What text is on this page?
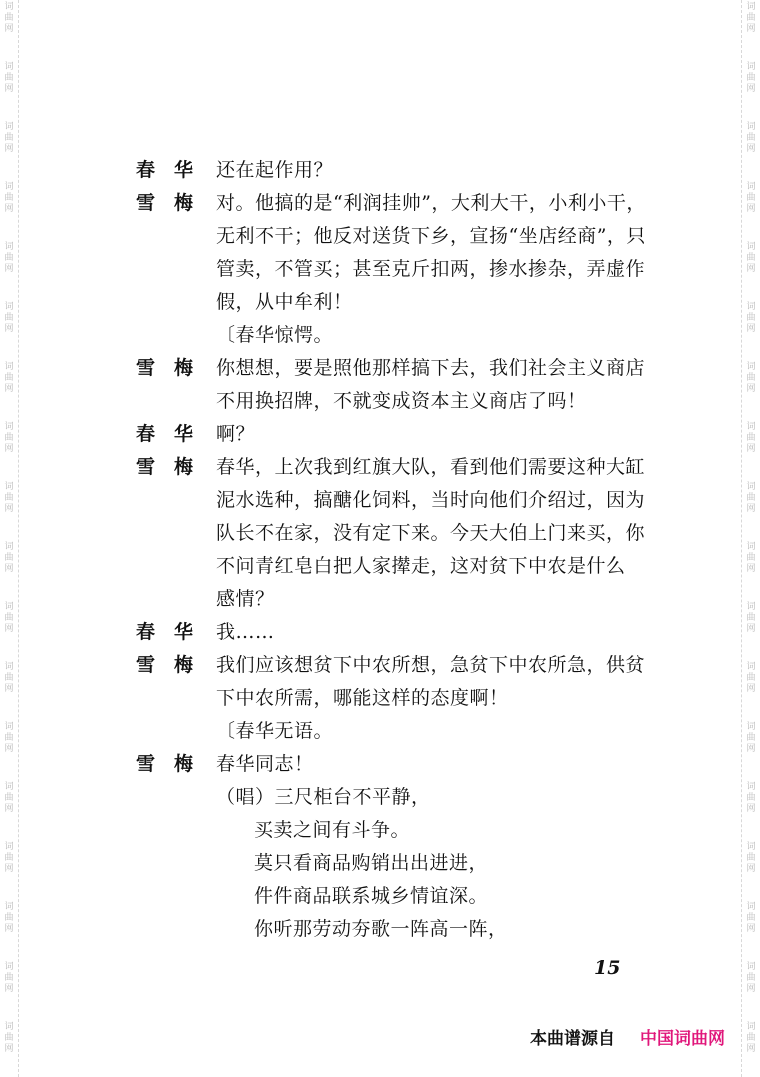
词
曲
网
词
曲
网
词
曲
网
词
曲
网
词
曲
网
词
曲
网
词
曲
网
词
曲
网
词
曲
网
词
曲
网
词
曲
网
词
曲
网
词
曲
网
词
曲
网
词
曲
网
词
曲
网
词
曲
网
词
曲
网
词
曲
网
词
曲
网
词
曲
网
词
曲
网
词
曲
网
词
曲
网
词
曲
网
词
曲
网
词
曲
网
词
曲
网
词
曲
网
词
曲
网
词
曲
网
词
曲
网
词
曲
网
词
曲
网
词
曲
网
词
曲
网
春　华 还在起作用？
雪　梅 对。他搞的是“利润挂帅”，大利大干，小利小干，
无利不干；他反对送货下乡，宣扬“坐店经商”，只
管卖，不管买；甚至克斤扣两，掺水掺杂，弄虚作
假，从中牟利！
〔春华惊愕。
雪　梅 你想想，要是照他那样搞下去，我们社会主义商店
不用换招牌，不就变成资本主义商店了吗！
春　华 啊？
雪　梅 春华，上次我到红旗大队，看到他们需要这种大缸
泥水选种，搞醣化饲料，当时向他们介绍过，因为
队长不在家，没有定下来。今天大伯上门来买，你
不问青红皂白把人家撵走，这对贫下中农是什么
感情？
春　华 我……
雪　梅 我们应该想贫下中农所想，急贫下中农所急，供贫
下中农所需，哪能这样的态度啊！
〔春华无语。
雪　梅 春华同志！
（唱）三尺柜台不平静，
买卖之间有斗争。
莫只看商品购销出出进进，
件件商品联系城乡情谊深。
你听那劳动夯歌一阵高一阵，
15
本曲谱源自 中国词曲网
